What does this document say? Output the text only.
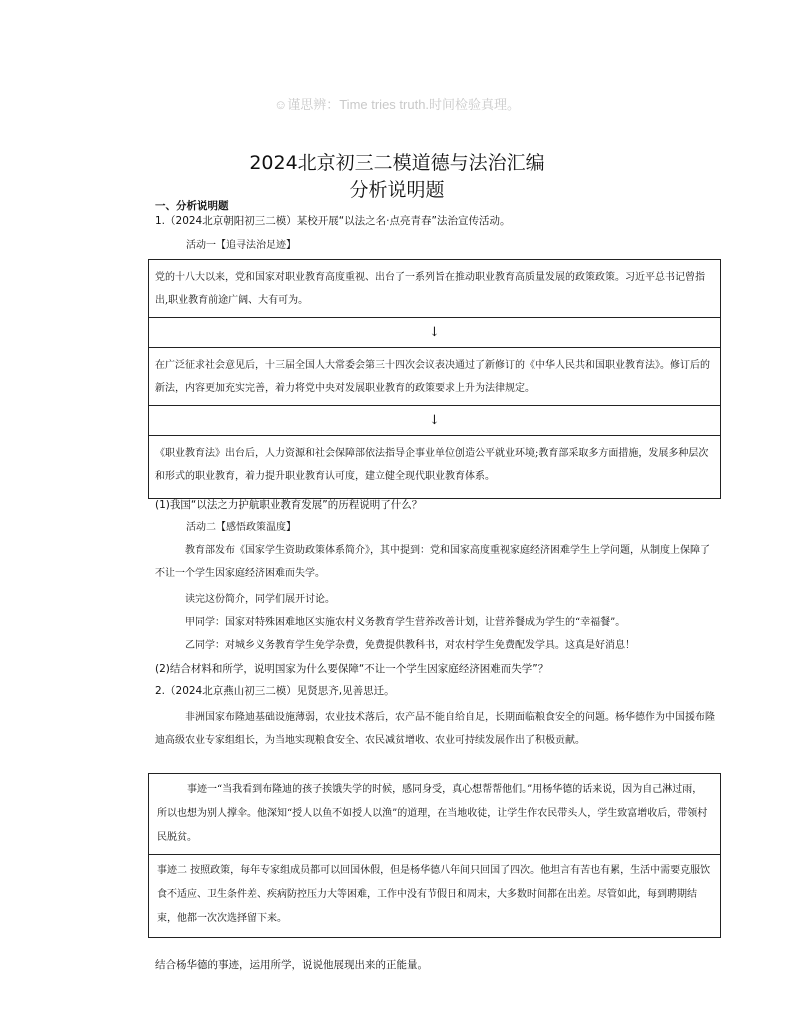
☺谨思辨：Time tries truth.时间检验真理。
2024北京初三二模道德与法治汇编
分析说明题
一、分析说明题
1.（2024北京朝阳初三二模）某校开展“以法之名·点亮青春”法治宣传活动。
活动一【追寻法治足迹】
党的十八大以来，党和国家对职业教育高度重视、出台了一系列旨在推动职业教育高质量发展的政策政策。习近平总书记曾指出,职业教育前途广阔、大有可为。
↓
在广泛征求社会意见后，十三届全国人大常委会第三十四次会议表决通过了新修订的《中华人民共和国职业教育法》。修订后的新法，内容更加充实完善，着力将党中央对发展职业教育的政策要求上升为法律规定。
↓
《职业教育法》出台后，人力资源和社会保障部依法指导企事业单位创造公平就业环境;教育部采取多方面措施，发展多种层次和形式的职业教育，着力提升职业教育认可度，建立健全现代职业教育体系。
(1)我国“以法之力护航职业教育发展”的历程说明了什么？
活动二【感悟政策温度】
教育部发布《国家学生资助政策体系简介》，其中提到：党和国家高度重视家庭经济困难学生上学问题，从制度上保障了不让一个学生因家庭经济困难而失学。
读完这份简介，同学们展开讨论。
甲同学：国家对特殊困难地区实施农村义务教育学生营养改善计划，让营养餐成为学生的“幸福餐”。
乙同学：对城乡义务教育学生免学杂费，免费提供教科书，对农村学生免费配发学具。这真是好消息！
(2)结合材料和所学，说明国家为什么要保障“不让一个学生因家庭经济困难而失学”？
2.（2024北京燕山初三二模）见贤思齐,见善思迁。
非洲国家布隆迪基础设施薄弱，农业技术落后，农产品不能自给自足，长期面临粮食安全的问题。杨华德作为中国援布隆迪高级农业专家组组长，为当地实现粮食安全、农民减贫增收、农业可持续发展作出了积极贡献。
事迹一“当我看到布隆迪的孩子挨饿失学的时候，感同身受，真心想帮帮他们。”用杨华德的话来说，因为自己淋过雨，所以也想为别人撑伞。他深知“授人以鱼不如授人以渔”的道理，在当地收徒，让学生作农民带头人，学生致富增收后，带领村民脱贫。
事迹二 按照政策，每年专家组成员都可以回国休假，但是杨华德八年间只回国了四次。他坦言有苦也有累，生活中需要克服饮食不适应、卫生条件差、疾病防控压力大等困难，工作中没有节假日和周末，大多数时间都在出差。尽管如此，每到聘期结束，他都一次次选择留下来。
结合杨华德的事迹，运用所学，说说他展现出来的正能量。
